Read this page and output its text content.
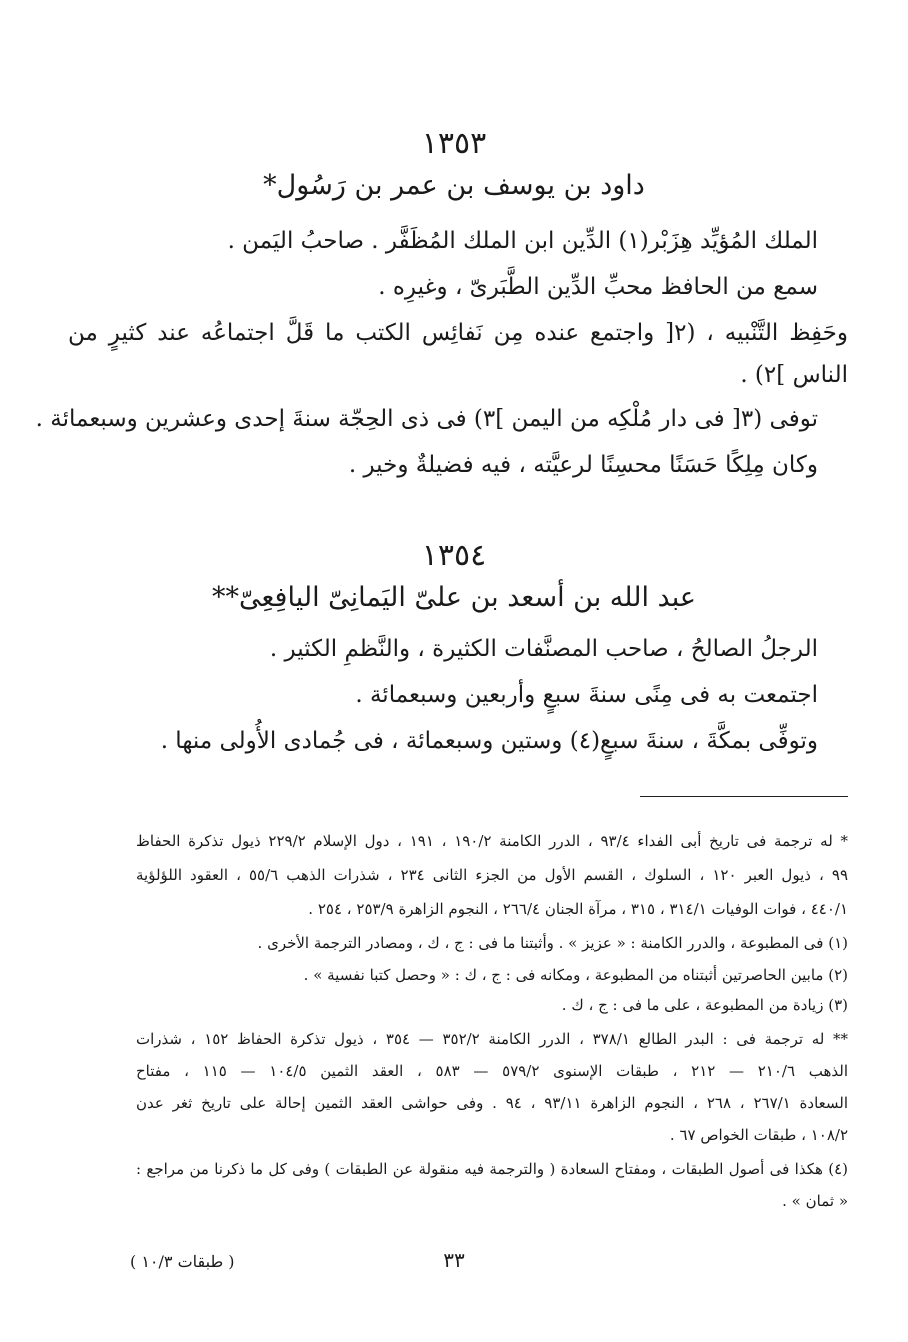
١٣٥٣
داود بن يوسف بن عمر بن رَسُول*
الملك المُؤيِّد هِزَبْر(١) الدِّين ابن الملك المُظَفَّر . صاحبُ اليَمن .
سمع من الحافظ محبِّ الدِّين الطَّبَرىّ ، وغيرِه .
وحَفِظ التَّنْبيه ، (٢[ واجتمع عنده مِن نَفائِس الكتب ما قَلَّ اجتماعُه عند كثيرٍ من
الناس ]٢) .
توفى (٣[ فى دار مُلْكِه من اليمن ]٣) فى ذى الحِجّة سنةَ إحدى وعشرين وسبعمائة .
وكان مِلِكًا حَسَنًا محسِنًا لرعيَّته ، فيه فضيلةٌ وخير .
١٣٥٤
عبد الله بن أسعد بن علىّ اليَمانِىّ اليافِعِىّ**
الرجلُ الصالحُ ، صاحب المصنَّفات الكثيرة ، والنَّظمِ الكثير .
اجتمعت به فى مِنًى سنةَ سبعٍ وأربعين وسبعمائة .
وتوفِّى بمكَّةَ ، سنةَ سبعٍ(٤) وستين وسبعمائة ، فى جُمادى الأُولى منها .
* له ترجمة فى تاريخ أبى الفداء ٩٣/٤ ، الدرر الكامنة ١٩٠/٢ ، ١٩١ ، دول الإسلام ٢٢٩/٢ ذيول تذكرة الحفاظ
٩٩ ، ذيول العبر ١٢٠ ، السلوك ، القسم الأول من الجزء الثانى ٢٣٤ ، شذرات الذهب ٥٥/٦ ، العقود اللؤلؤية
٤٤٠/١ ، فوات الوفيات ٣١٤/١ ، ٣١٥ ، مرآة الجنان ٢٦٦/٤ ، النجوم الزاهرة ٢٥٣/٩ ، ٢٥٤ .
(١) فى المطبوعة ، والدرر الكامنة : « عزيز » . وأثبتنا ما فى : ج ، ك ، ومصادر الترجمة الأخرى .
(٢) مابين الحاصرتين أثبتناه من المطبوعة ، ومكانه فى : ج ، ك : « وحصل كتبا نفسية » .
(٣) زيادة من المطبوعة ، على ما فى : ج ، ك .
** له ترجمة فى : البدر الطالع ٣٧٨/١ ، الدرر الكامنة ٣٥٢/٢ — ٣٥٤ ، ذيول تذكرة الحفاظ ١٥٢ ، شذرات
الذهب ٢١٠/٦ — ٢١٢ ، طبقات الإسنوى ٥٧٩/٢ — ٥٨٣ ، العقد الثمين ١٠٤/٥ — ١١٥ ، مفتاح
السعادة ٢٦٧/١ ، ٢٦٨ ، النجوم الزاهرة ٩٣/١١ ، ٩٤ . وفى حواشى العقد الثمين إحالة على تاريخ ثغر عدن
١٠٨/٢ ، طبقات الخواص ٦٧ .
(٤) هكذا فى أصول الطبقات ، ومفتاح السعادة ( والترجمة فيه منقولة عن الطبقات ) وفى كل ما ذكرنا من مراجع :
« ثمان » .
٣٣
( طبقات ١٠/٣ )
